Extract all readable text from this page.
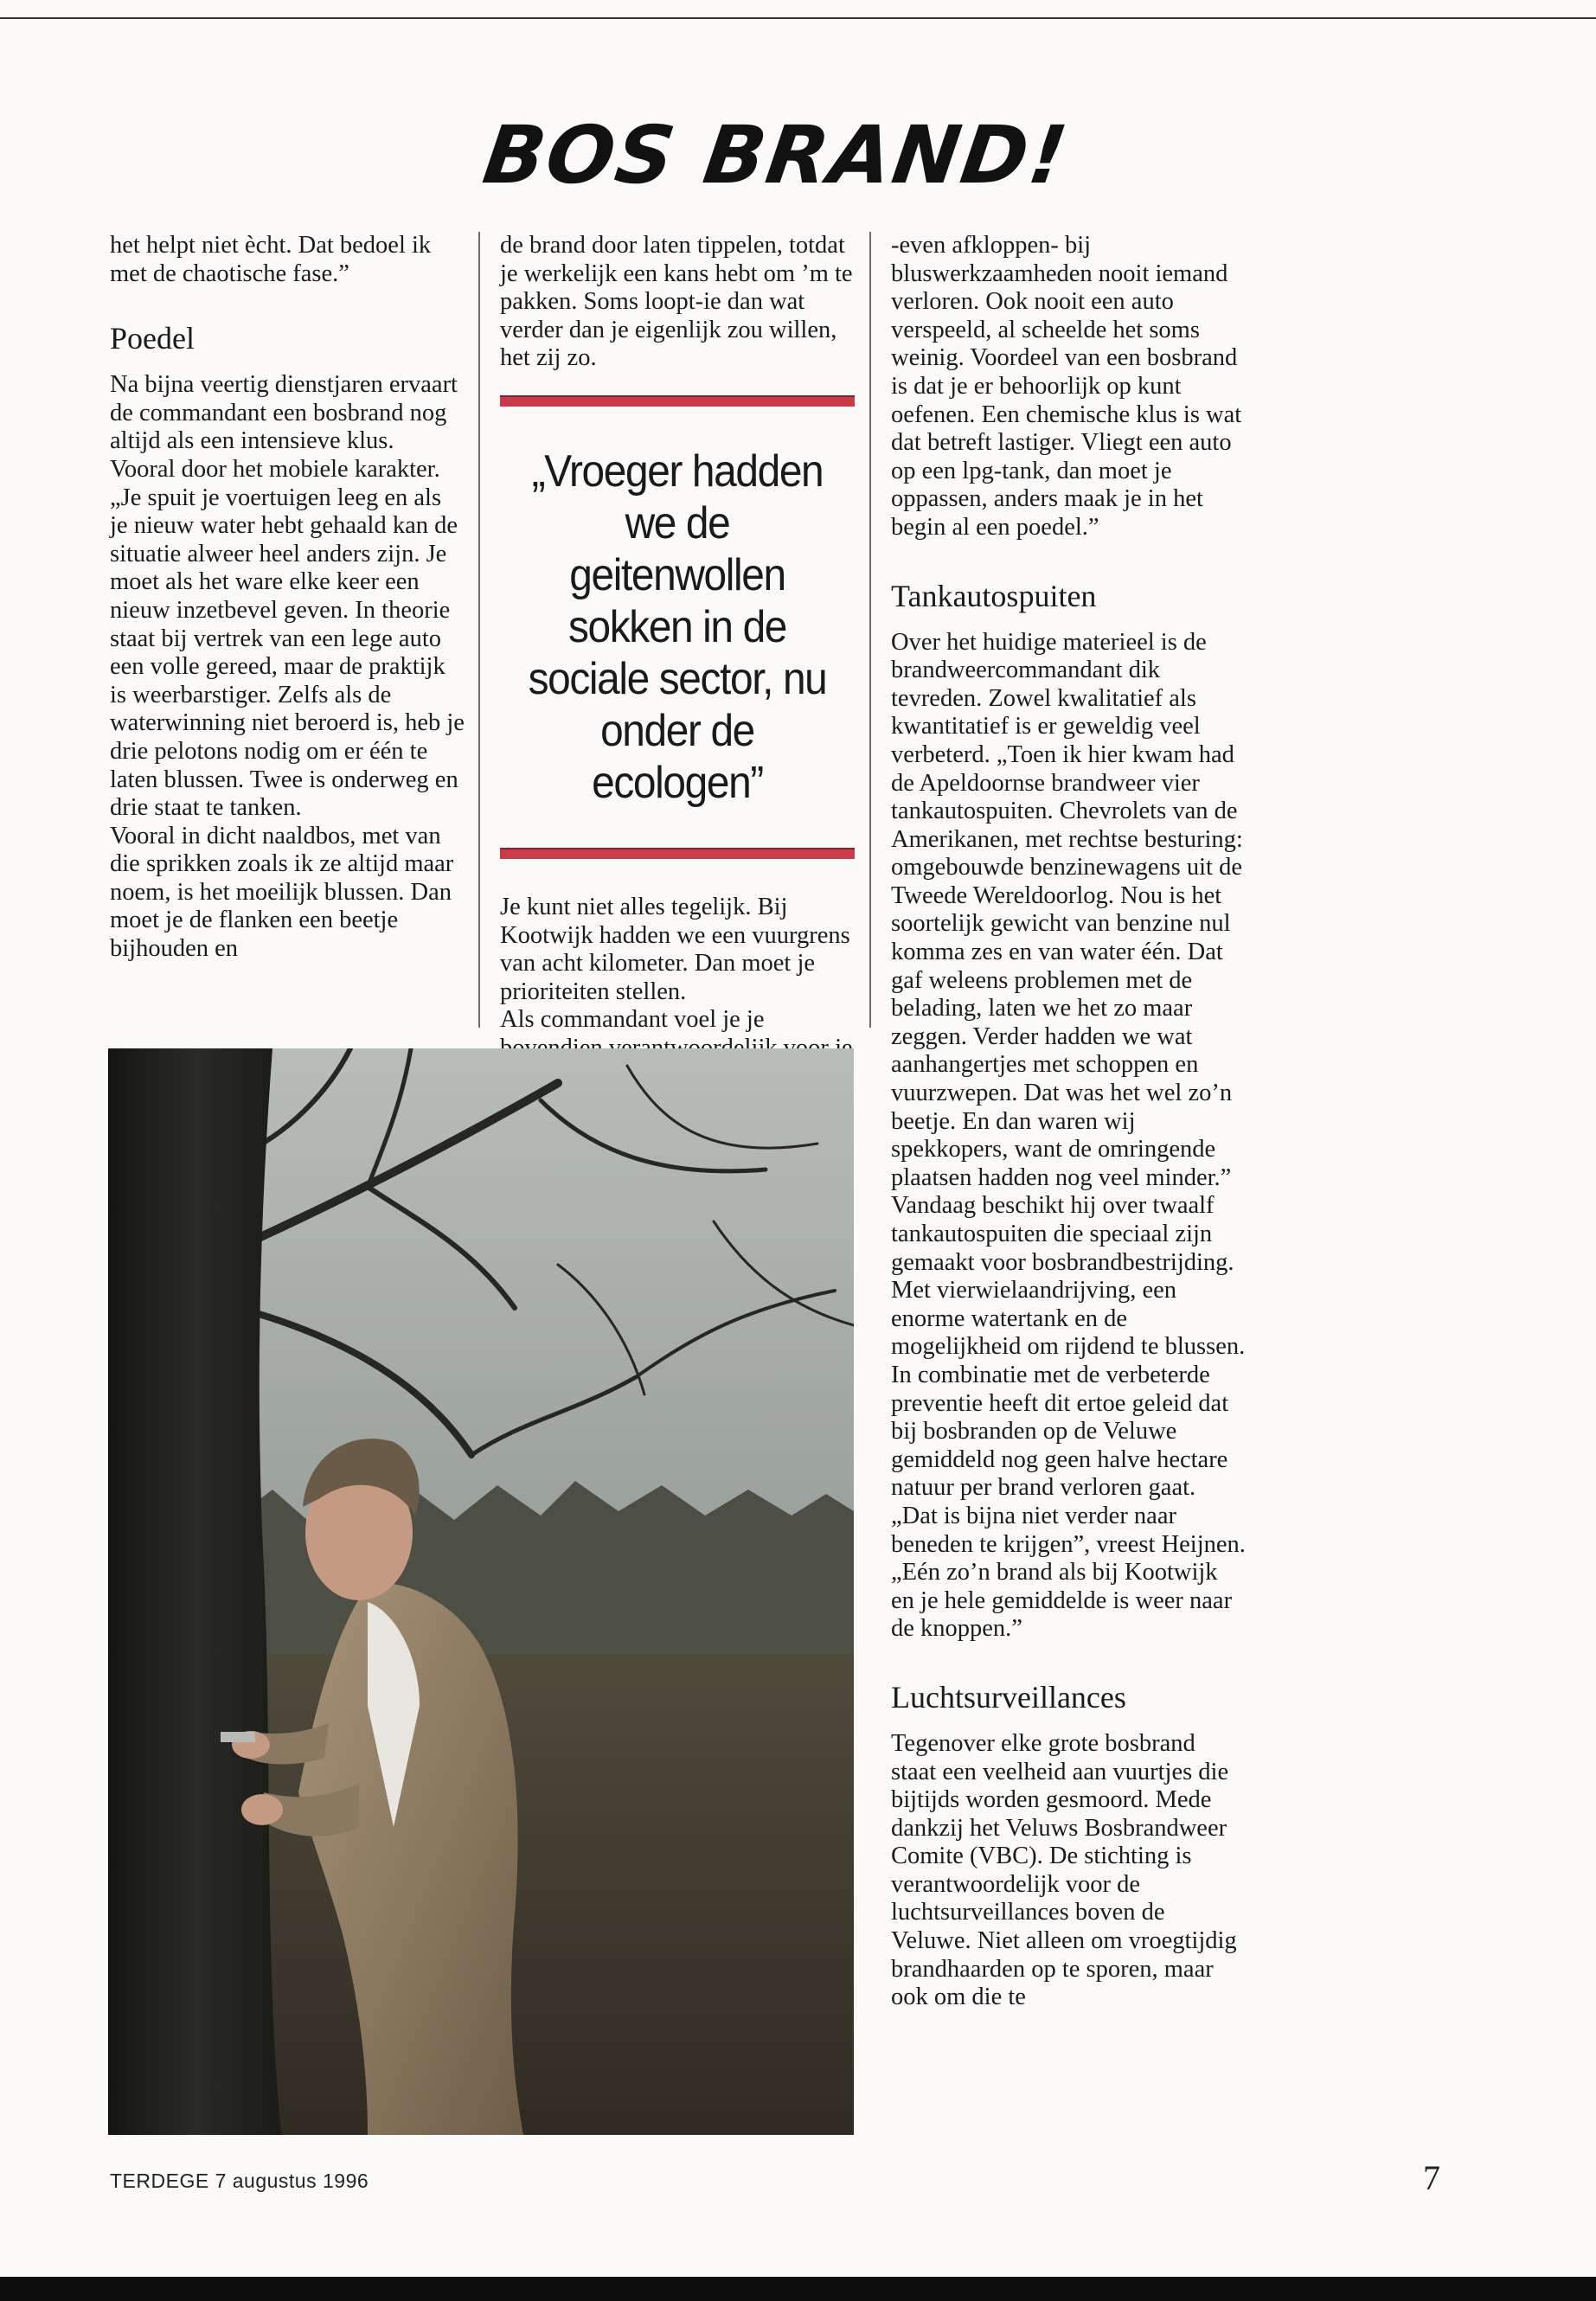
BOS BRAND!

het helpt niet ècht. Dat bedoel ik met de chaotische fase.”

Poedel

Na bijna veertig dienstjaren ervaart de commandant een bosbrand nog altijd als een intensieve klus. Vooral door het mobiele karakter. „Je spuit je voertuigen leeg en als je nieuw water hebt gehaald kan de situatie alweer heel anders zijn. Je moet als het ware elke keer een nieuw inzetbevel geven. In theorie staat bij vertrek van een lege auto een volle gereed, maar de praktijk is weerbarstiger. Zelfs als de waterwinning niet beroerd is, heb je drie pelotons nodig om er één te laten blussen. Twee is onderweg en drie staat te tanken.

Vooral in dicht naaldbos, met van die sprikken zoals ik ze altijd maar noem, is het moeilijk blussen. Dan moet je de flanken een beetje bijhouden en

de brand door laten tippelen, totdat je werkelijk een kans hebt om ’m te pakken. Soms loopt-ie dan wat verder dan je eigenlijk zou willen, het zij zo.

„Vroeger hadden we de geitenwollen sokken in de sociale sector, nu onder de ecologen”

Je kunt niet alles tegelijk. Bij Kootwijk hadden we een vuurgrens van acht kilometer. Dan moet je prioriteiten stellen.

Als commandant voel je je

-even afkloppen- bij bluswerkzaamheden nooit iemand verloren. Ook nooit een auto verspeeld, al scheelde het soms weinig. Voordeel van een bosbrand is dat je er behoorlijk op kunt oefenen. Een chemische klus is wat dat betreft lastiger. Vliegt een auto op een lpg-tank, dan moet je oppassen, anders maak je in het begin al een poedel.”

Tankautospuiten

Over het huidige materieel is de brandweercommandant dik tevreden. Zowel kwalitatief als kwantitatief is er geweldig veel verbeterd. „Toen ik hier kwam had de Apeldoornse brandweer vier tankautospuiten. Chevrolets van de Amerikanen, met rechtse besturing: omgebouwde benzinewagens uit de Tweede Wereldoorlog. Nou is het soortelijk gewicht van benzine nul komma zes en van water één. Dat gaf weleens problemen met de belading, laten we het zo maar zeggen. Verder hadden we wat aanhangertjes met schoppen en vuurzwepen. Dat was het wel zo’n beetje. En dan waren wij spekkopers, want de omringende plaatsen hadden nog veel minder.”

Vandaag beschikt hij over twaalf tankautospuiten die speciaal zijn gemaakt voor bosbrandbestrijding. Met vierwielaandrijving, een enorme watertank en de mogelijkheid om rijdend te blussen. In combinatie met de verbeterde preventie heeft dit ertoe geleid dat bij bosbranden op de Veluwe gemiddeld nog geen halve hectare natuur per brand verloren gaat. „Dat is bijna niet verder naar beneden te krijgen”, vreest Heijnen. „Eén zo’n brand als bij Kootwijk en je hele gemiddelde is weer naar de knoppen.”

Luchtsurveillances

Tegenover elke grote bosbrand staat een veelheid aan vuurtjes die bijtijds worden gesmoord. Mede dankzij het Veluws Bosbrandweer Comite (VBC). De stichting is verantwoordelijk voor de luchtsurveillances boven de Veluwe. Niet alleen om vroegtijdig brandhaarden op te sporen, maar ook om die te

TERDEGE 7 augustus 1996	7
